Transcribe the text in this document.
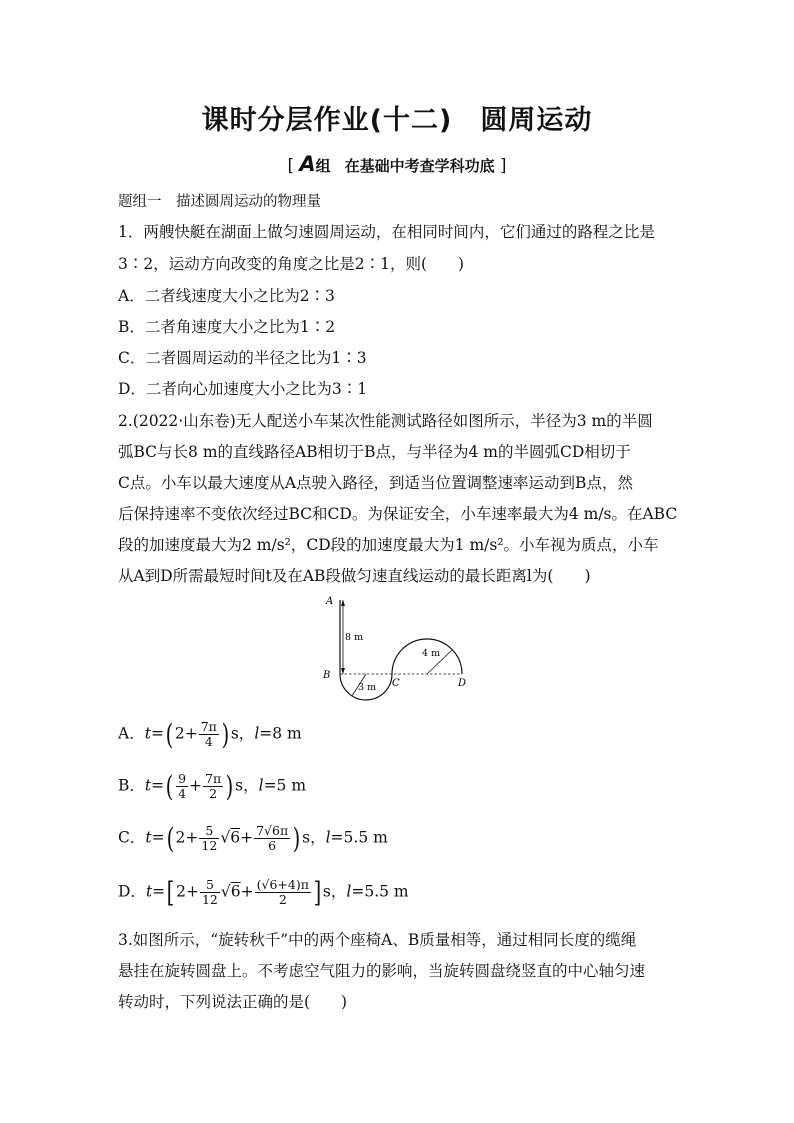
课时分层作业(十二) 圆周运动
[ A组 在基础中考查学科功底 ]
题组一　描述圆周运动的物理量
1．两艘快艇在湖面上做匀速圆周运动，在相同时间内，它们通过的路程之比是
3∶2，运动方向改变的角度之比是2∶1，则(　　)
A．二者线速度大小之比为2∶3
B．二者角速度大小之比为1∶2
C．二者圆周运动的半径之比为1∶3
D．二者向心加速度大小之比为3∶1
2.(2022·山东卷)无人配送小车某次性能测试路径如图所示，半径为3 m的半圆
弧BC与长8 m的直线路径AB相切于B点，与半径为4 m的半圆弧CD相切于
C点。小车以最大速度从A点驶入路径，到适当位置调整速率运动到B点，然
后保持速率不变依次经过BC和CD。为保证安全，小车速率最大为4 m/s。在ABC
段的加速度最大为2 m/s²，CD段的加速度最大为1 m/s²。小车视为质点，小车
从A到D所需最短时间t及在AB段做匀速直线运动的最长距离l为(　　)
A
B
C	D
8 m
3 m
4 m
A．t=( $2+ \frac{7\pi}{4}$ ) s，l=8 m
B．$t=( \frac{9}{4} + \frac{7\pi}{2}$ ) s，l=5 m
C．t=( $2+ \frac{5}{12} √6+ \frac{7√6\pi}{6}$ ) s，l=5.5 m
D．t=[ $2+ \frac{5}{12} √6+ \frac{(√6+4)\pi}{2}$ ] s，l=5.5 m
3.如图所示，“旋转秋千”中的两个座椅A、B质量相等，通过相同长度的缆绳
悬挂在旋转圆盘上。不考虑空气阻力的影响，当旋转圆盘绕竖直的中心轴匀速
转动时，下列说法正确的是(　　)
